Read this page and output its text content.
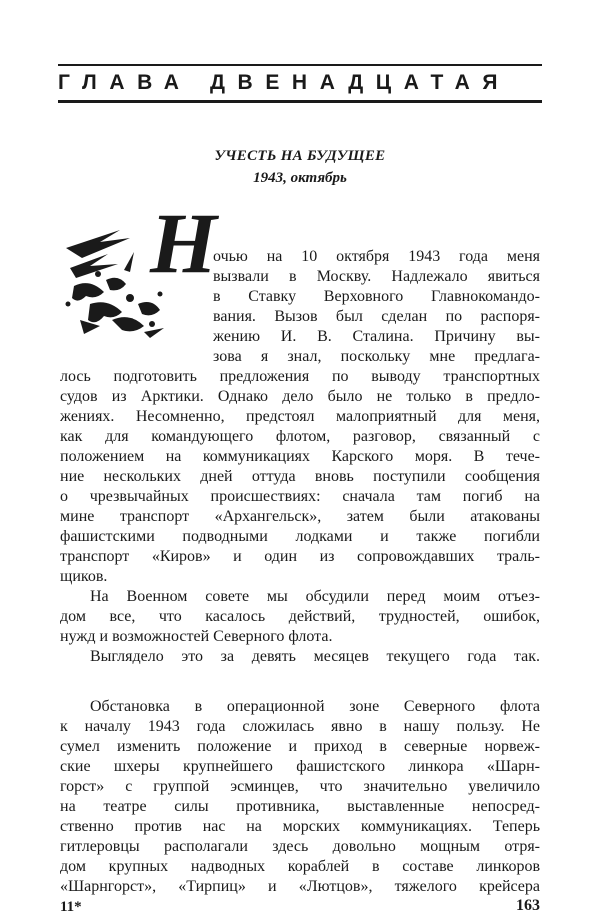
ГЛАВА ДВЕНАДЦАТАЯ
УЧЕСТЬ НА БУДУЩЕЕ
1943, октябрь
Н
очью на 10 октября 1943 года меня
вызвали в Москву. Надлежало явиться
в Ставку Верховного Главнокомандо-
вания. Вызов был сделан по распоря-
жению И. В. Сталина. Причину вы-
зова я знал, поскольку мне предлага-
лось подготовить предложения по выводу транспортных
судов из Арктики. Однако дело было не только в предло-
жениях. Несомненно, предстоял малоприятный для меня,
как для командующего флотом, разговор, связанный с
положением на коммуникациях Карского моря. В тече-
ние нескольких дней оттуда вновь поступили сообщения
о чрезвычайных происшествиях: сначала там погиб на
мине транспорт «Архангельск», затем были атакованы
фашистскими подводными лодками и также погибли
транспорт «Киров» и один из сопровождавших траль-
щиков.
На Военном совете мы обсудили перед моим отъез-
дом все, что касалось действий, трудностей, ошибок,
нужд и возможностей Северного флота.
Выглядело это за девять месяцев текущего года так.
Обстановка в операционной зоне Северного флота
к началу 1943 года сложилась явно в нашу пользу. Не
сумел изменить положение и приход в северные норвеж-
ские шхеры крупнейшего фашистского линкора «Шарн-
горст» с группой эсминцев, что значительно увеличило
на театре силы противника, выставленные непосред-
ственно против нас на морских коммуникациях. Теперь
гитлеровцы располагали здесь довольно мощным отря-
дом крупных надводных кораблей в составе линкоров
«Шарнгорст», «Тирпиц» и «Лютцов», тяжелого крейсера
11*	163
